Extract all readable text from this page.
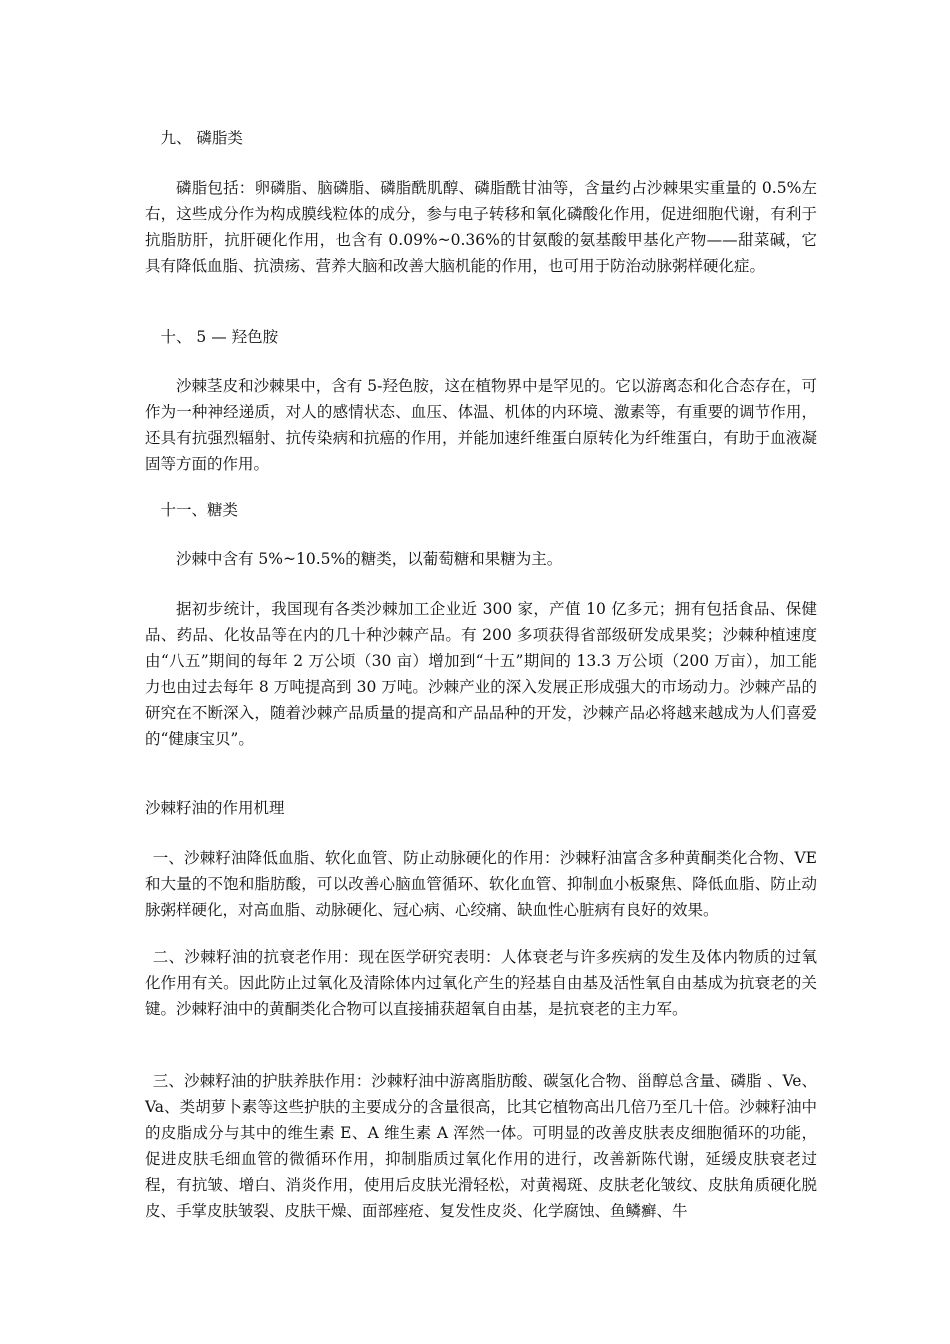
九、 磷脂类

磷脂包括：卵磷脂、脑磷脂、磷脂酰肌醇、磷脂酰甘油等，含量约占沙棘果实重量的 0.5%左右，这些成分作为构成膜线粒体的成分，参与电子转移和氧化磷酸化作用，促进细胞代谢，有利于抗脂肪肝，抗肝硬化作用，也含有 0.09%~0.36%的甘氨酸的氨基酸甲基化产物——甜菜碱，它具有降低血脂、抗溃疡、营养大脑和改善大脑机能的作用，也可用于防治动脉粥样硬化症。

十、 5 — 羟色胺

沙棘茎皮和沙棘果中，含有 5-羟色胺，这在植物界中是罕见的。它以游离态和化合态存在，可作为一种神经递质，对人的感情状态、血压、体温、机体的内环境、激素等，有重要的调节作用，还具有抗强烈辐射、抗传染病和抗癌的作用，并能加速纤维蛋白原转化为纤维蛋白，有助于血液凝固等方面的作用。

十一、糖类

沙棘中含有 5%~10.5%的糖类，以葡萄糖和果糖为主。

据初步统计，我国现有各类沙棘加工企业近 300 家，产值 10 亿多元；拥有包括食品、保健品、药品、化妆品等在内的几十种沙棘产品。有 200 多项获得省部级研发成果奖；沙棘种植速度由“八五”期间的每年 2 万公顷（30 亩）增加到“十五”期间的 13.3 万公顷（200 万亩），加工能力也由过去每年 8 万吨提高到 30 万吨。沙棘产业的深入发展正形成强大的市场动力。沙棘产品的研究在不断深入，随着沙棘产品质量的提高和产品品种的开发，沙棘产品必将越来越成为人们喜爱的“健康宝贝”。

沙棘籽油的作用机理

一、沙棘籽油降低血脂、软化血管、防止动脉硬化的作用：沙棘籽油富含多种黄酮类化合物、VE 和大量的不饱和脂肪酸，可以改善心脑血管循环、软化血管、抑制血小板聚焦、降低血脂、防止动脉粥样硬化，对高血脂、动脉硬化、冠心病、心绞痛、缺血性心脏病有良好的效果。

二、沙棘籽油的抗衰老作用：现在医学研究表明：人体衰老与许多疾病的发生及体内物质的过氧化作用有关。因此防止过氧化及清除体内过氧化产生的羟基自由基及活性氧自由基成为抗衰老的关键。沙棘籽油中的黄酮类化合物可以直接捕获超氧自由基，是抗衰老的主力军。

三、沙棘籽油的护肤养肤作用：沙棘籽油中游离脂肪酸、碳氢化合物、甾醇总含量、磷脂 、Ve、Va、类胡萝卜素等这些护肤的主要成分的含量很高，比其它植物高出几倍乃至几十倍。沙棘籽油中的皮脂成分与其中的维生素 E、A 维生素 A 浑然一体。可明显的改善皮肤表皮细胞循环的功能，促进皮肤毛细血管的微循环作用，抑制脂质过氧化作用的进行，改善新陈代谢，延缓皮肤衰老过程，有抗皱、增白、消炎作用，使用后皮肤光滑轻松，对黄褐斑、皮肤老化皱纹、皮肤角质硬化脱皮、手掌皮肤皱裂、皮肤干燥、面部痤疮、复发性皮炎、化学腐蚀、鱼鳞癣、牛
